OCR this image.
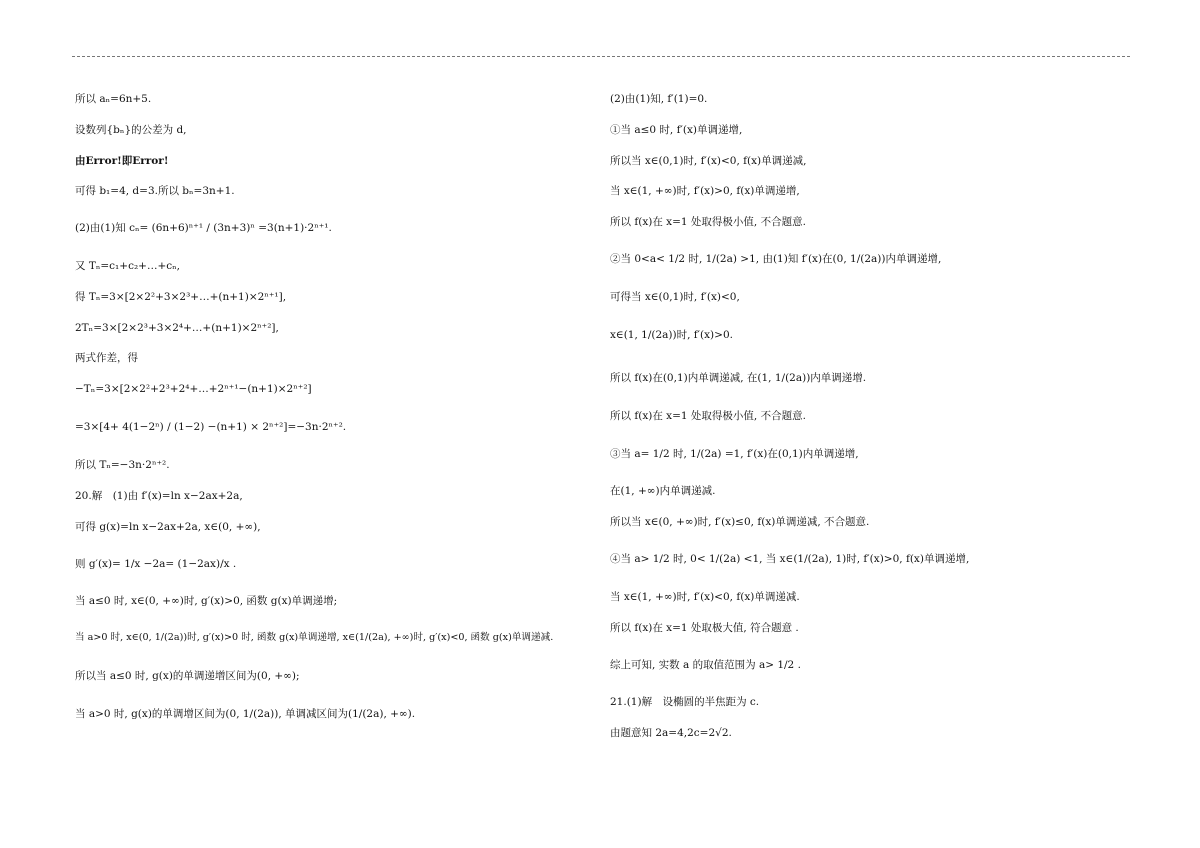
所以 aₙ=6n+5.
设数列{bₙ}的公差为 d,
由Error!即Error!
可得 b₁=4, d=3.所以 bₙ=3n+1.
(2)由(1)知 cₙ= (6n+6)ⁿ⁺¹ / (3n+3)ⁿ =3(n+1)·2ⁿ⁺¹.
又 Tₙ=c₁+c₂+…+cₙ,
得 Tₙ=3×[2×2²+3×2³+…+(n+1)×2ⁿ⁺¹],
2Tₙ=3×[2×2³+3×2⁴+…+(n+1)×2ⁿ⁺²],
两式作差，得
−Tₙ=3×[2×2²+2³+2⁴+…+2ⁿ⁺¹−(n+1)×2ⁿ⁺²]
=3×[4+ 4(1−2ⁿ) / (1−2) −(n+1) × 2ⁿ⁺²]=−3n·2ⁿ⁺².
所以 Tₙ=−3n·2ⁿ⁺².
20.解　(1)由 f′(x)=ln x−2ax+2a,
可得 g(x)=ln x−2ax+2a, x∈(0, +∞),
则 g′(x)= 1/x −2a= (1−2ax)/x .
当 a≤0 时, x∈(0, +∞)时, g′(x)>0, 函数 g(x)单调递增;
当 a>0 时, x∈(0, 1/(2a))时, g′(x)>0 时, 函数 g(x)单调递增, x∈(1/(2a), +∞)时, g′(x)<0, 函数 g(x)单调递减.
所以当 a≤0 时, g(x)的单调递增区间为(0, +∞);
当 a>0 时, g(x)的单调增区间为(0, 1/(2a)), 单调减区间为(1/(2a), +∞).
(2)由(1)知, f′(1)=0.
①当 a≤0 时, f′(x)单调递增,
所以当 x∈(0,1)时, f′(x)<0, f(x)单调递减,
当 x∈(1, +∞)时, f′(x)>0, f(x)单调递增,
所以 f(x)在 x=1 处取得极小值, 不合题意.
②当 0<a< 1/2 时, 1/(2a) >1, 由(1)知 f′(x)在(0, 1/(2a))内单调递增,
可得当 x∈(0,1)时, f′(x)<0,
x∈(1, 1/(2a))时, f′(x)>0.
所以 f(x)在(0,1)内单调递减, 在(1, 1/(2a))内单调递增.
所以 f(x)在 x=1 处取得极小值, 不合题意.
③当 a= 1/2 时, 1/(2a) =1, f′(x)在(0,1)内单调递增,
在(1, +∞)内单调递减.
所以当 x∈(0, +∞)时, f′(x)≤0, f(x)单调递减, 不合题意.
④当 a> 1/2 时, 0< 1/(2a) <1, 当 x∈(1/(2a), 1)时, f′(x)>0, f(x)单调递增,
当 x∈(1, +∞)时, f′(x)<0, f(x)单调递减.
所以 f(x)在 x=1 处取极大值, 符合题意 .
综上可知, 实数 a 的取值范围为 a> 1/2 .
21.(1)解　设椭圆的半焦距为 c.
由题意知 2a=4,2c=2√2.
